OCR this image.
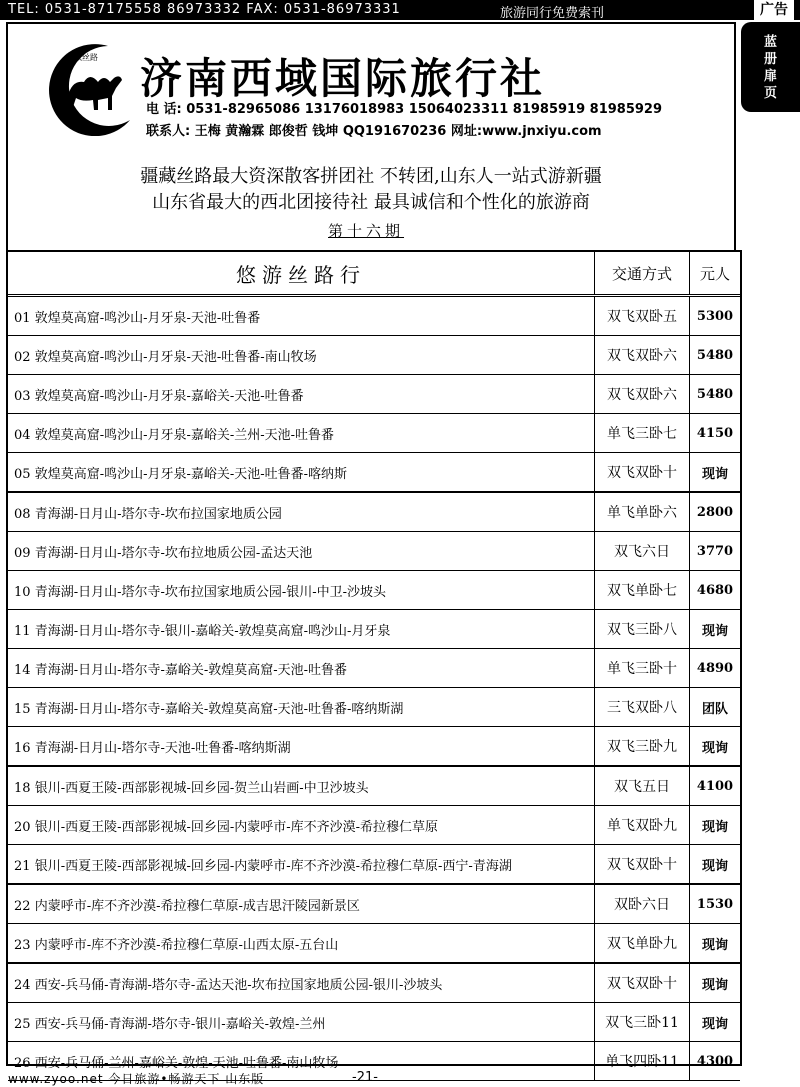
TEL: 0531-87175558 86973332 FAX: 0531-86973331	旅游同行免费索刊	广告
蓝
册
扉
页
疆藏丝路 济南西域国际旅行社
电 话: 0531-82965086 13176018983 15064023311 81985919 81985929
联系人: 王梅 黄瀚霖 郎俊哲 钱坤 QQ191670236 网址:www.jnxiyu.com
疆藏丝路最大资深散客拼团社 不转团,山东人一站式游新疆
山东省最大的西北团接待社 最具诚信和个性化的旅游商
第十六期
悠游丝路行	交通方式	元人
01 敦煌莫高窟-鸣沙山-月牙泉-天池-吐鲁番	双飞双卧五	5300
02 敦煌莫高窟-鸣沙山-月牙泉-天池-吐鲁番-南山牧场	双飞双卧六	5480
03 敦煌莫高窟-鸣沙山-月牙泉-嘉峪关-天池-吐鲁番	双飞双卧六	5480
04 敦煌莫高窟-鸣沙山-月牙泉-嘉峪关-兰州-天池-吐鲁番	单飞三卧七	4150
05 敦煌莫高窟-鸣沙山-月牙泉-嘉峪关-天池-吐鲁番-喀纳斯	双飞双卧十	现询
08 青海湖-日月山-塔尔寺-坎布拉国家地质公园	单飞单卧六	2800
09 青海湖-日月山-塔尔寺-坎布拉地质公园-孟达天池	双飞六日	3770
10 青海湖-日月山-塔尔寺-坎布拉国家地质公园-银川-中卫-沙坡头	双飞单卧七	4680
11 青海湖-日月山-塔尔寺-银川-嘉峪关-敦煌莫高窟-鸣沙山-月牙泉	双飞三卧八	现询
14 青海湖-日月山-塔尔寺-嘉峪关-敦煌莫高窟-天池-吐鲁番	单飞三卧十	4890
15 青海湖-日月山-塔尔寺-嘉峪关-敦煌莫高窟-天池-吐鲁番-喀纳斯湖	三飞双卧八	团队
16 青海湖-日月山-塔尔寺-天池-吐鲁番-喀纳斯湖	双飞三卧九	现询
18 银川-西夏王陵-西部影视城-回乡园-贺兰山岩画-中卫沙坡头	双飞五日	4100
20 银川-西夏王陵-西部影视城-回乡园-内蒙呼市-库不齐沙漠-希拉穆仁草原	单飞双卧九	现询
21 银川-西夏王陵-西部影视城-回乡园-内蒙呼市-库不齐沙漠-希拉穆仁草原-西宁-青海湖	双飞双卧十	现询
22 内蒙呼市-库不齐沙漠-希拉穆仁草原-成吉思汗陵园新景区	双卧六日	1530
23 内蒙呼市-库不齐沙漠-希拉穆仁草原-山西太原-五台山	双飞单卧九	现询
24 西安-兵马俑-青海湖-塔尔寺-孟达天池-坎布拉国家地质公园-银川-沙坡头	双飞双卧十	现询
25 西安-兵马俑-青海湖-塔尔寺-银川-嘉峪关-敦煌-兰州	双飞三卧11	现询
26 西安-兵马俑-兰州-嘉峪关-敦煌-天池-吐鲁番-南山牧场	单飞四卧11	4300
www.zyoo.net 今日旅游•畅游天下 山东版	-21-
